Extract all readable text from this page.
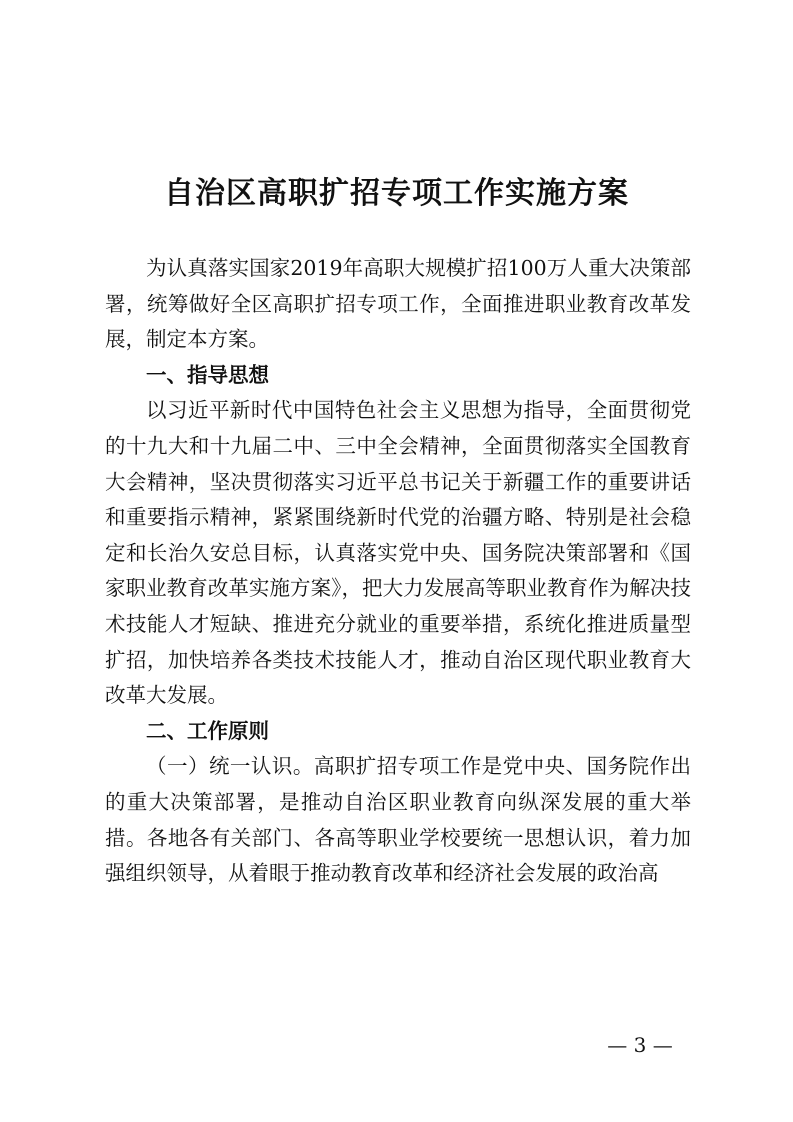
自治区高职扩招专项工作实施方案

为认真落实国家2019年高职大规模扩招100万人重大决策部署，统筹做好全区高职扩招专项工作，全面推进职业教育改革发展，制定本方案。

一、指导思想

以习近平新时代中国特色社会主义思想为指导，全面贯彻党的十九大和十九届二中、三中全会精神，全面贯彻落实全国教育大会精神，坚决贯彻落实习近平总书记关于新疆工作的重要讲话和重要指示精神，紧紧围绕新时代党的治疆方略、特别是社会稳定和长治久安总目标，认真落实党中央、国务院决策部署和《国家职业教育改革实施方案》，把大力发展高等职业教育作为解决技术技能人才短缺、推进充分就业的重要举措，系统化推进质量型扩招，加快培养各类技术技能人才，推动自治区现代职业教育大改革大发展。

二、工作原则

（一）统一认识。高职扩招专项工作是党中央、国务院作出的重大决策部署，是推动自治区职业教育向纵深发展的重大举措。各地各有关部门、各高等职业学校要统一思想认识，着力加强组织领导，从着眼于推动教育改革和经济社会发展的政治高

— 3 —
